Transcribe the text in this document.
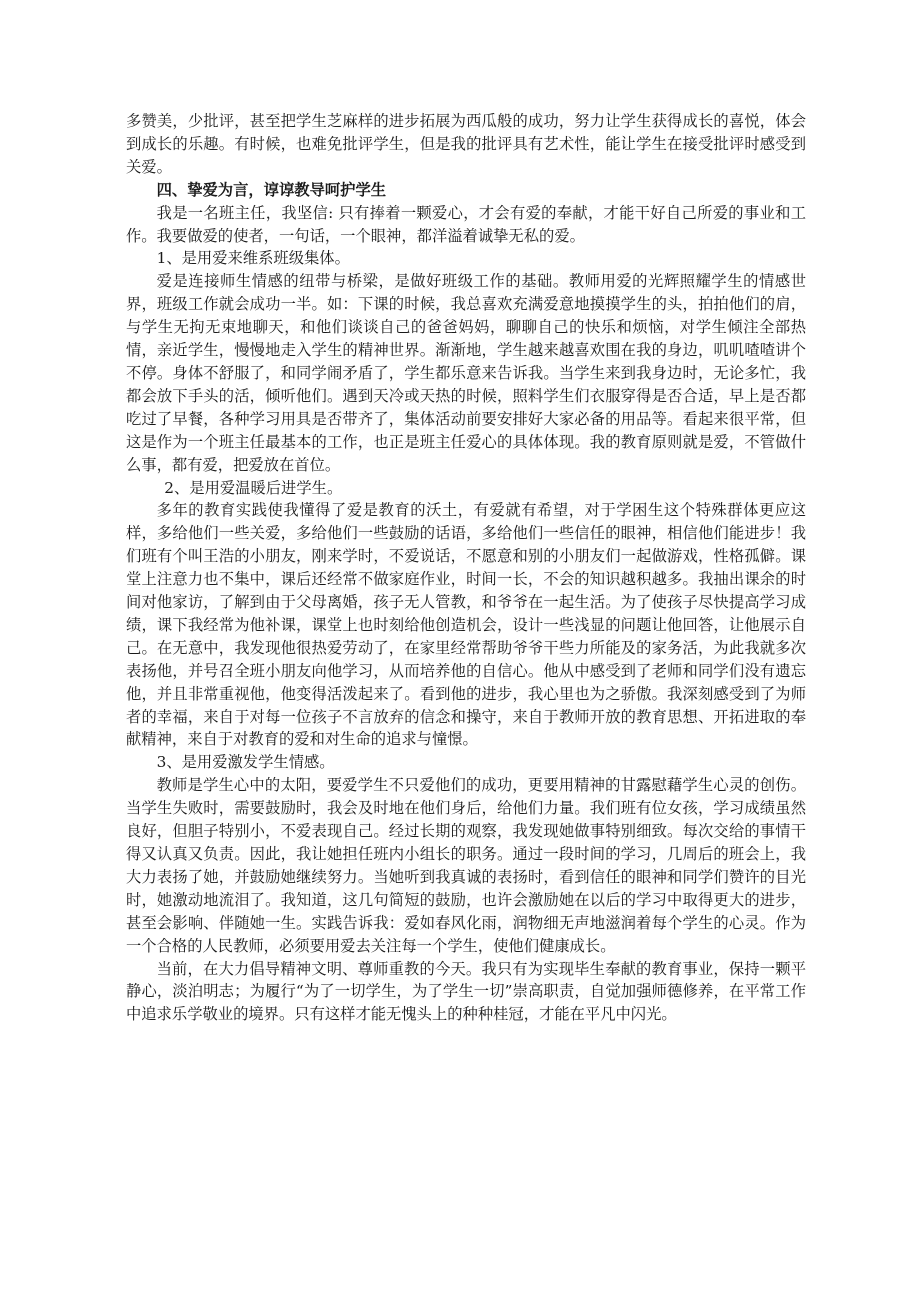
多赞美，少批评，甚至把学生芝麻样的进步拓展为西瓜般的成功，努力让学生获得成长的喜悦，体会到成长的乐趣。有时候，也难免批评学生，但是我的批评具有艺术性，能让学生在接受批评时感受到关爱。

四、挚爱为言，谆谆教导呵护学生

我是一名班主任，我坚信: 只有捧着一颗爱心，才会有爱的奉献，才能干好自己所爱的事业和工作。我要做爱的使者，一句话，一个眼神，都洋溢着诚挚无私的爱。

1、是用爱来维系班级集体。

爱是连接师生情感的纽带与桥梁，是做好班级工作的基础。教师用爱的光辉照耀学生的情感世界，班级工作就会成功一半。如：下课的时候，我总喜欢充满爱意地摸摸学生的头，拍拍他们的肩，与学生无拘无束地聊天，和他们谈谈自己的爸爸妈妈，聊聊自己的快乐和烦恼，对学生倾注全部热情，亲近学生，慢慢地走入学生的精神世界。渐渐地，学生越来越喜欢围在我的身边，叽叽喳喳讲个不停。身体不舒服了，和同学闹矛盾了，学生都乐意来告诉我。当学生来到我身边时，无论多忙，我都会放下手头的活，倾听他们。遇到天冷或天热的时候，照料学生们衣服穿得是否合适，早上是否都吃过了早餐，各种学习用具是否带齐了，集体活动前要安排好大家必备的用品等。看起来很平常，但这是作为一个班主任最基本的工作，也正是班主任爱心的具体体现。我的教育原则就是爱，不管做什么事，都有爱，把爱放在首位。

2、是用爱温暖后进学生。

多年的教育实践使我懂得了爱是教育的沃土，有爱就有希望，对于学困生这个特殊群体更应这样，多给他们一些关爱，多给他们一些鼓励的话语，多给他们一些信任的眼神，相信他们能进步！我们班有个叫王浩的小朋友，刚来学时，不爱说话，不愿意和别的小朋友们一起做游戏，性格孤僻。课堂上注意力也不集中，课后还经常不做家庭作业，时间一长，不会的知识越积越多。我抽出课余的时间对他家访，了解到由于父母离婚，孩子无人管教，和爷爷在一起生活。为了使孩子尽快提高学习成绩，课下我经常为他补课，课堂上也时刻给他创造机会，设计一些浅显的问题让他回答，让他展示自己。在无意中，我发现他很热爱劳动了，在家里经常帮助爷爷干些力所能及的家务活，为此我就多次表扬他，并号召全班小朋友向他学习，从而培养他的自信心。他从中感受到了老师和同学们没有遗忘他，并且非常重视他，他变得活泼起来了。看到他的进步，我心里也为之骄傲。我深刻感受到了为师者的幸福，来自于对每一位孩子不言放弃的信念和操守，来自于教师开放的教育思想、开拓进取的奉献精神，来自于对教育的爱和对生命的追求与憧憬。

3、是用爱激发学生情感。

教师是学生心中的太阳，要爱学生不只爱他们的成功，更要用精神的甘露慰藉学生心灵的创伤。当学生失败时，需要鼓励时，我会及时地在他们身后，给他们力量。我们班有位女孩，学习成绩虽然良好，但胆子特别小，不爱表现自己。经过长期的观察，我发现她做事特别细致。每次交给的事情干得又认真又负责。因此，我让她担任班内小组长的职务。通过一段时间的学习，几周后的班会上，我大力表扬了她，并鼓励她继续努力。当她听到我真诚的表扬时，看到信任的眼神和同学们赞许的目光时，她激动地流泪了。我知道，这几句简短的鼓励，也许会激励她在以后的学习中取得更大的进步，甚至会影响、伴随她一生。实践告诉我：爱如春风化雨，润物细无声地滋润着每个学生的心灵。作为一个合格的人民教师，必须要用爱去关注每一个学生，使他们健康成长。

当前，在大力倡导精神文明、尊师重教的今天。我只有为实现毕生奉献的教育事业，保持一颗平静心，淡泊明志；为履行“为了一切学生，为了学生一切”崇高职责，自觉加强师德修养，在平常工作中追求乐学敬业的境界。只有这样才能无愧头上的种种桂冠，才能在平凡中闪光。
